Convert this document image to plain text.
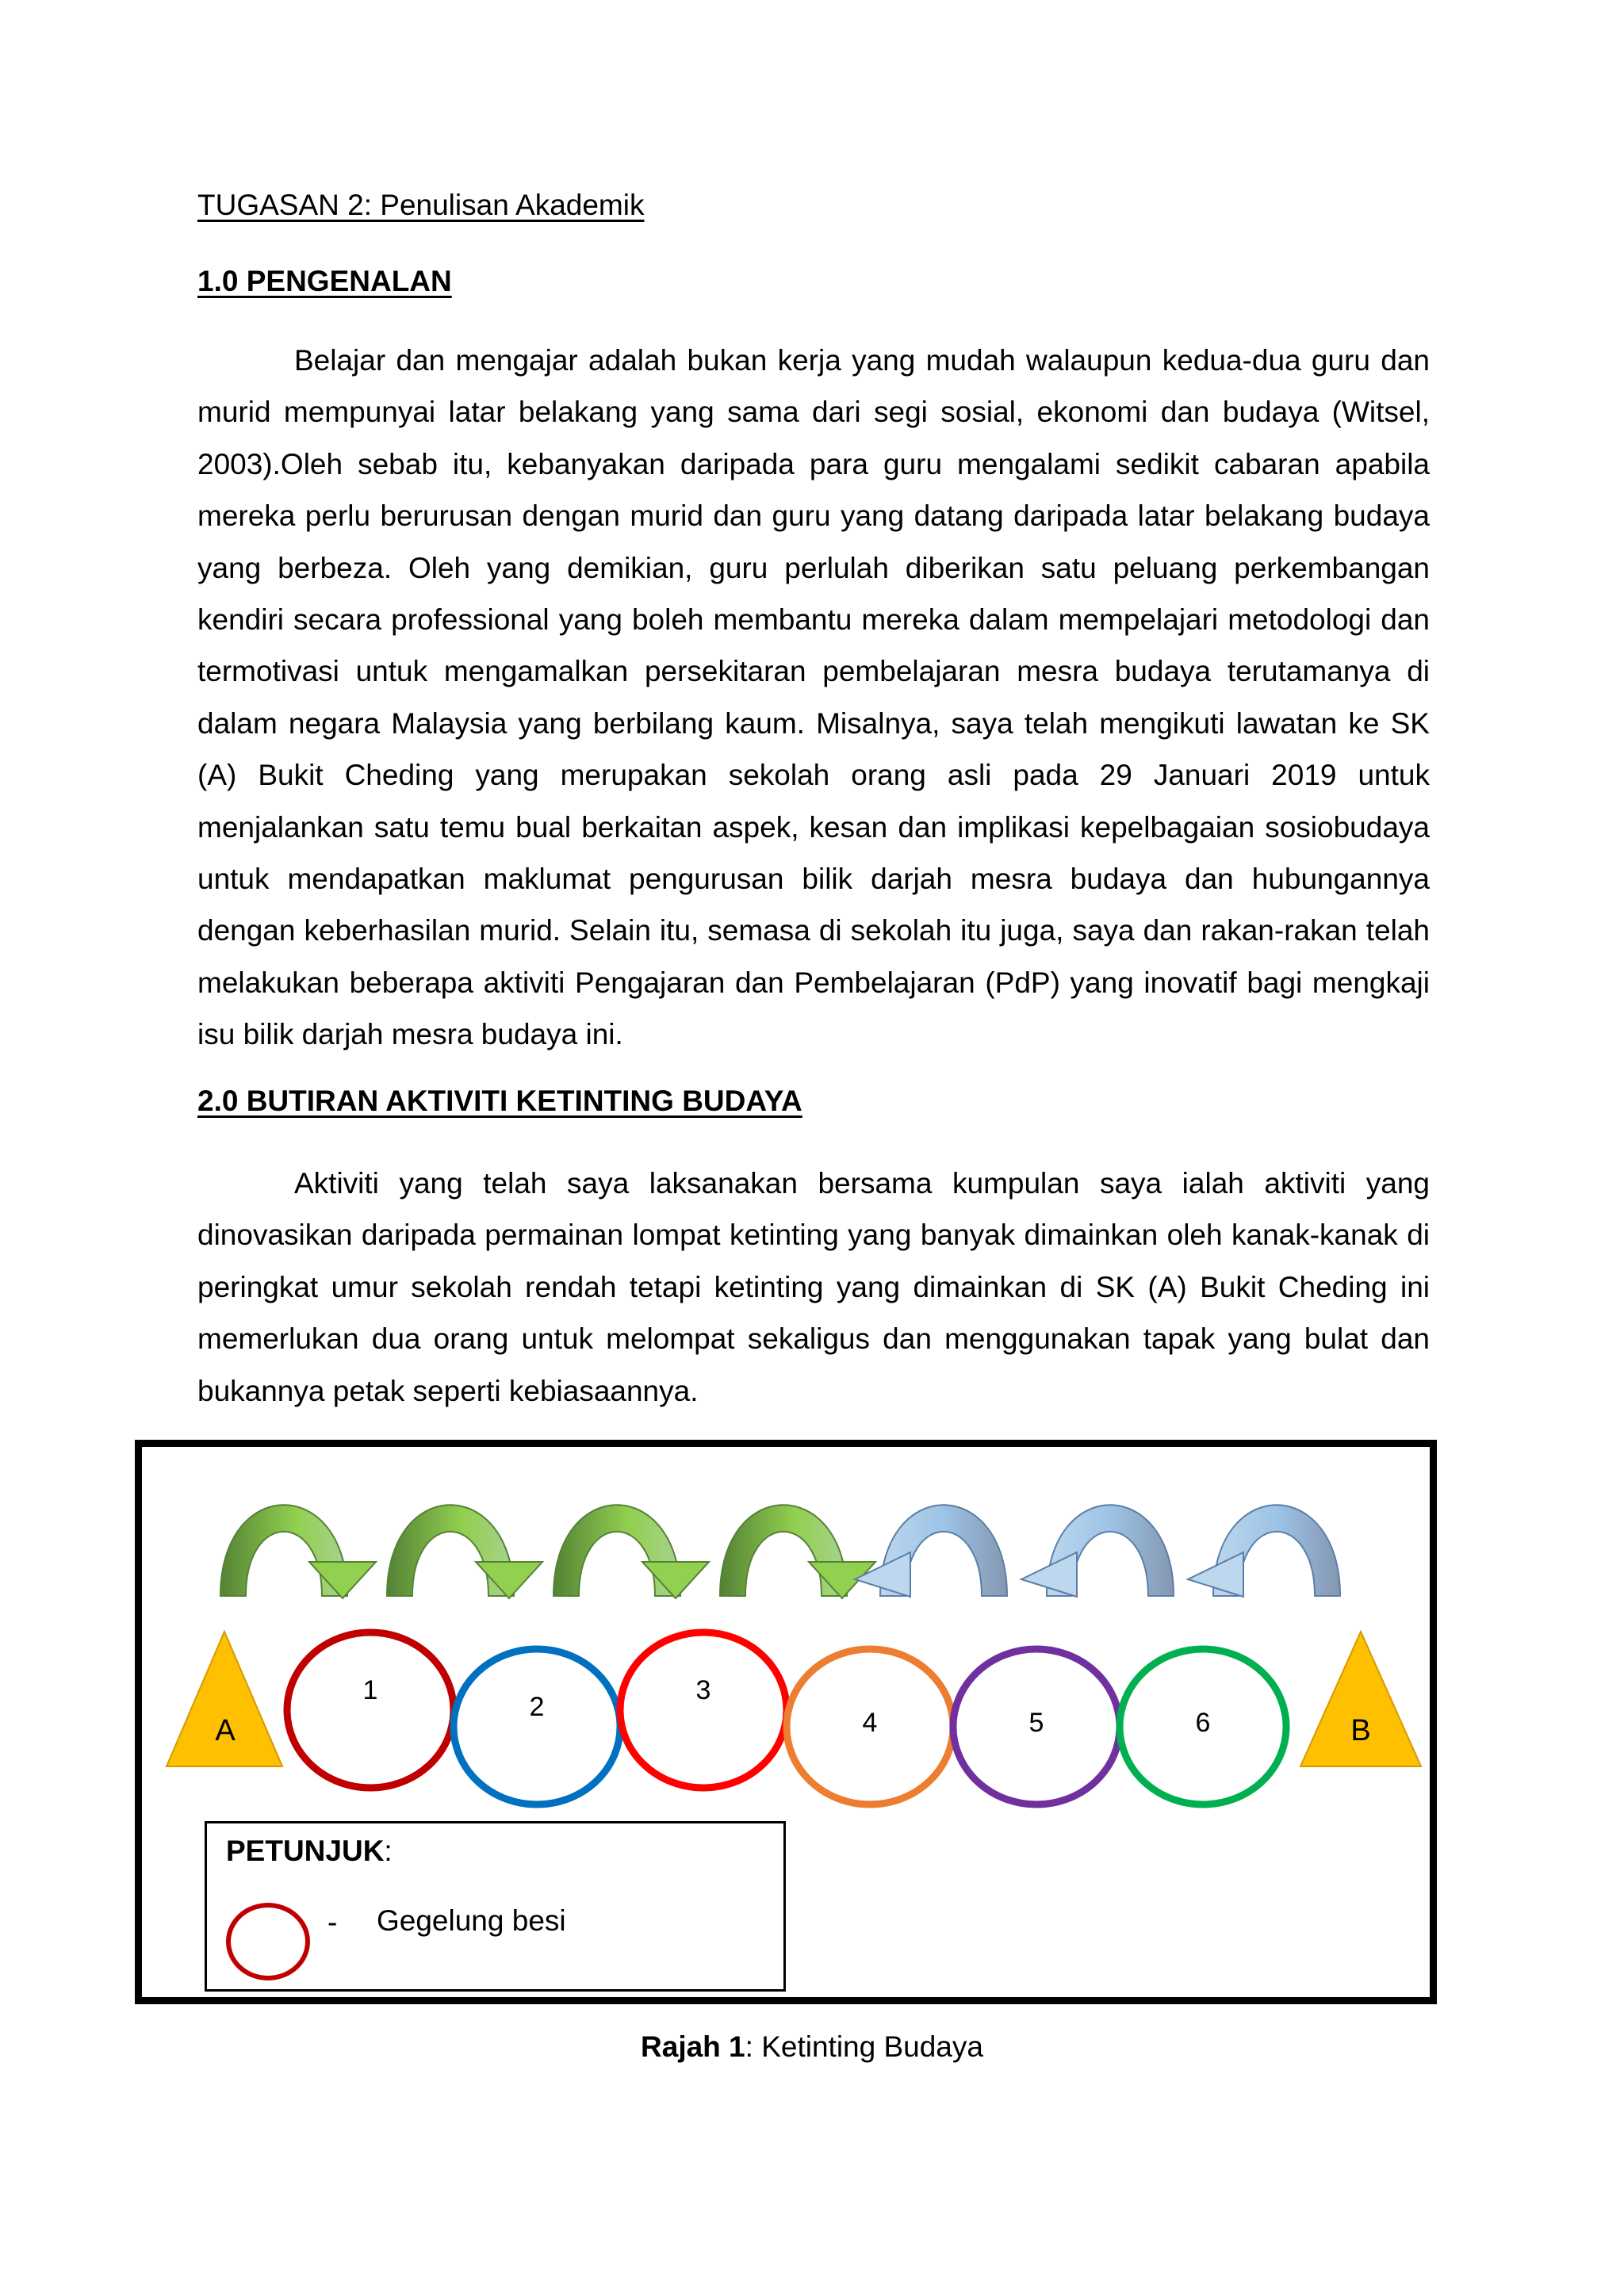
TUGASAN 2: Penulisan Akademik

1.0 PENGENALAN

Belajar dan mengajar adalah bukan kerja yang mudah walaupun kedua-dua guru dan murid mempunyai latar belakang yang sama dari segi sosial, ekonomi dan budaya (Witsel, 2003).Oleh sebab itu, kebanyakan daripada para guru mengalami sedikit cabaran apabila mereka perlu berurusan dengan murid dan guru yang datang daripada latar belakang budaya yang berbeza. Oleh yang demikian, guru perlulah diberikan satu peluang perkembangan kendiri secara professional yang boleh membantu mereka dalam mempelajari metodologi dan termotivasi untuk mengamalkan persekitaran pembelajaran mesra budaya terutamanya di dalam negara Malaysia yang berbilang kaum. Misalnya, saya telah mengikuti lawatan ke SK (A) Bukit Cheding yang merupakan sekolah orang asli pada 29 Januari 2019 untuk menjalankan satu temu bual berkaitan aspek, kesan dan implikasi kepelbagaian sosiobudaya untuk mendapatkan maklumat pengurusan bilik darjah mesra budaya dan hubungannya dengan keberhasilan murid. Selain itu, semasa di sekolah itu juga, saya dan rakan-rakan telah melakukan beberapa aktiviti Pengajaran dan Pembelajaran (PdP) yang inovatif bagi mengkaji isu bilik darjah mesra budaya ini.

2.0 BUTIRAN AKTIVITI KETINTING BUDAYA

Aktiviti yang telah saya laksanakan bersama kumpulan saya ialah aktiviti yang dinovasikan daripada permainan lompat ketinting yang banyak dimainkan oleh kanak-kanak di peringkat umur sekolah rendah tetapi ketinting yang dimainkan di SK (A) Bukit Cheding ini memerlukan dua orang untuk melompat sekaligus dan menggunakan tapak yang bulat dan bukannya petak seperti kebiasaannya.

A	B
1
2
3
4	5	6

PETUNJUK:

- Gegelung besi

Rajah 1: Ketinting Budaya
